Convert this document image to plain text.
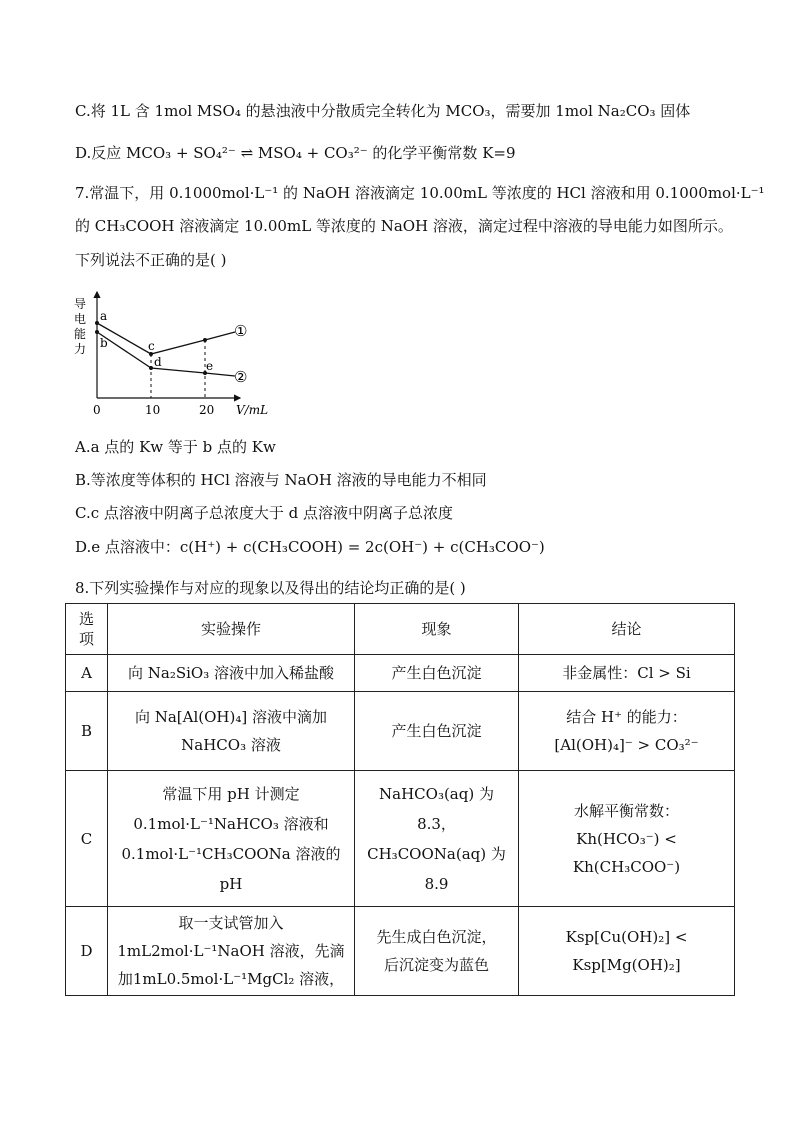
C.将 1L 含 1mol MSO₄ 的悬浊液中分散质完全转化为 MCO₃，需要加 1mol Na₂CO₃ 固体
D.反应 MCO₃ + SO₄²⁻ ⇌ MSO₄ + CO₃²⁻ 的化学平衡常数 K=9
7.常温下，用 0.1000mol·L⁻¹ 的 NaOH 溶液滴定 10.00mL 等浓度的 HCl 溶液和用 0.1000mol·L⁻¹
的 CH₃COOH 溶液滴定 10.00mL 等浓度的 NaOH 溶液，滴定过程中溶液的导电能力如图所示。
下列说法不正确的是( )
导
电
能
力
a
b	c
d	e
①
②
0	10	20 V/mL
A.a 点的 Kw 等于 b 点的 Kw
B.等浓度等体积的 HCl 溶液与 NaOH 溶液的导电能力不相同
C.c 点溶液中阴离子总浓度大于 d 点溶液中阴离子总浓度
D.e 点溶液中：c(H⁺) + c(CH₃COOH) = 2c(OH⁻) + c(CH₃COO⁻)
8.下列实验操作与对应的现象以及得出的结论均正确的是( )
选
项	实验操作	现象	结论
A	向 Na₂SiO₃ 溶液中加入稀盐酸	产生白色沉淀	非金属性：Cl > Si

B	向 Na[Al(OH)₄] 溶液中滴加
NaHCO₃ 溶液	产生白色沉淀	结合 H⁺ 的能力：
[Al(OH)₄]⁻ > CO₃²⁻

C	常温下用 pH 计测定
0.1mol·L⁻¹NaHCO₃ 溶液和
0.1mol·L⁻¹CH₃COONa 溶液的
pH	NaHCO₃(aq) 为
8.3，
CH₃COONa(aq) 为
8.9	水解平衡常数：
Kh(HCO₃⁻) < Kh(CH₃COO⁻)

D	取一支试管加入
1mL2mol·L⁻¹NaOH 溶液，先滴
加1mL0.5mol·L⁻¹MgCl₂ 溶液，	先生成白色沉淀，
后沉淀变为蓝色	Ksp[Cu(OH)₂] < Ksp[Mg(OH)₂]
